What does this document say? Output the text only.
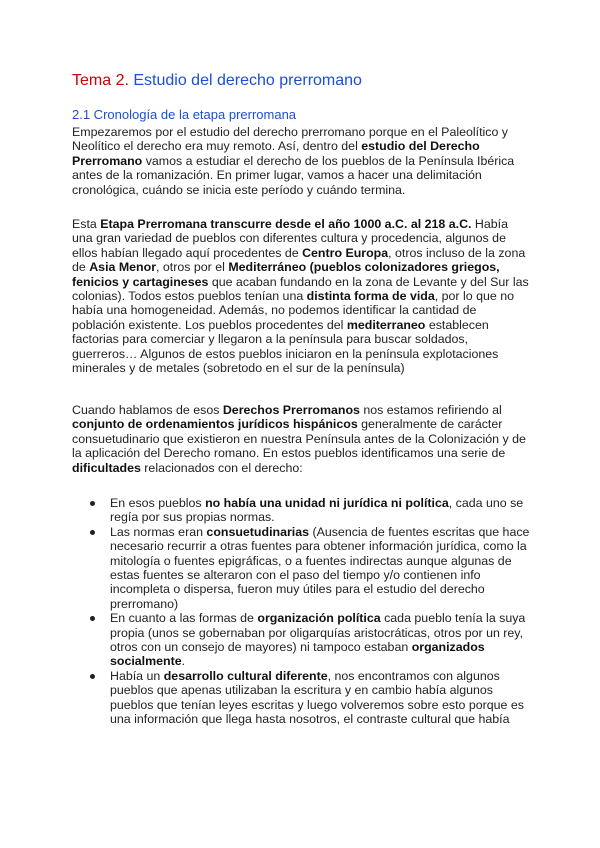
Tema 2. Estudio del derecho prerromano
2.1 Cronología de la etapa prerromana

Empezaremos por el estudio del derecho prerromano porque en el Paleolítico y Neolítico el derecho era muy remoto. Así, dentro del estudio del Derecho Prerromano vamos a estudiar el derecho de los pueblos de la Península Ibérica antes de la romanización. En primer lugar, vamos a hacer una delimitación cronológica, cuándo se inicia este período y cuándo termina.

Esta Etapa Prerromana transcurre desde el año 1000 a.C. al 218 a.C. Había una gran variedad de pueblos con diferentes cultura y procedencia, algunos de ellos habían llegado aquí procedentes de Centro Europa, otros incluso de la zona de Asia Menor, otros por el Mediterráneo (pueblos colonizadores griegos, fenicios y cartagineses que acaban fundando en la zona de Levante y del Sur las colonias). Todos estos pueblos tenían una distinta forma de vida, por lo que no había una homogeneidad. Además, no podemos identificar la cantidad de población existente. Los pueblos procedentes del mediterraneo establecen factorias para comerciar y llegaron a la península para buscar soldados, guerreros… Algunos de estos pueblos iniciaron en la península explotaciones minerales y de metales (sobretodo en el sur de la península)

Cuando hablamos de esos Derechos Prerromanos nos estamos refiriendo al conjunto de ordenamientos jurídicos hispánicos generalmente de carácter consuetudinario que existieron en nuestra Península antes de la Colonización y de la aplicación del Derecho romano. En estos pueblos identificamos una serie de dificultades relacionados con el derecho:

En esos pueblos no había una unidad ni jurídica ni política, cada uno se regía por sus propias normas.
Las normas eran consuetudinarias (Ausencia de fuentes escritas que hace necesario recurrir a otras fuentes para obtener información jurídica, como la mitología o fuentes epigráficas, o a fuentes indirectas aunque algunas de estas fuentes se alteraron con el paso del tiempo y/o contienen info incompleta o dispersa, fueron muy útiles para el estudio del derecho prerromano)
En cuanto a las formas de organización política cada pueblo tenía la suya propia (unos se gobernaban por oligarquías aristocráticas, otros por un rey, otros con un consejo de mayores) ni tampoco estaban organizados socialmente.
Había un desarrollo cultural diferente, nos encontramos con algunos pueblos que apenas utilizaban la escritura y en cambio había algunos pueblos que tenían leyes escritas y luego volveremos sobre esto porque es una información que llega hasta nosotros, el contraste cultural que había
